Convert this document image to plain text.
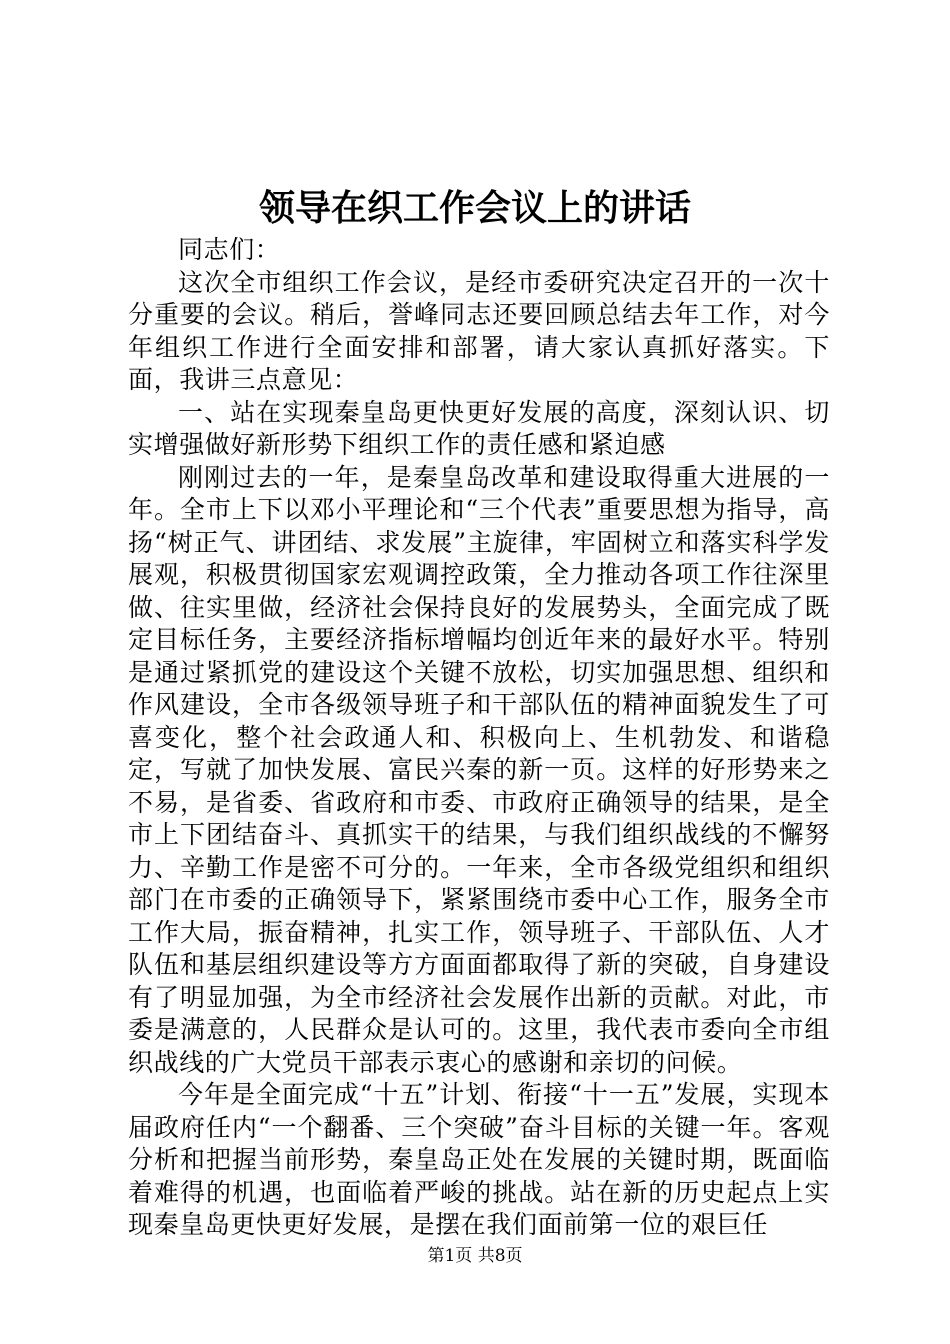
领导在织工作会议上的讲话

同志们：

这次全市组织工作会议，是经市委研究决定召开的一次十分重要的会议。稍后，誉峰同志还要回顾总结去年工作，对今年组织工作进行全面安排和部署，请大家认真抓好落实。下面，我讲三点意见：

一、站在实现秦皇岛更快更好发展的高度，深刻认识、切实增强做好新形势下组织工作的责任感和紧迫感

刚刚过去的一年，是秦皇岛改革和建设取得重大进展的一年。全市上下以邓小平理论和“三个代表”重要思想为指导，高扬“树正气、讲团结、求发展”主旋律，牢固树立和落实科学发展观，积极贯彻国家宏观调控政策，全力推动各项工作往深里做、往实里做，经济社会保持良好的发展势头，全面完成了既定目标任务，主要经济指标增幅均创近年来的最好水平。特别是通过紧抓党的建设这个关键不放松，切实加强思想、组织和作风建设，全市各级领导班子和干部队伍的精神面貌发生了可喜变化，整个社会政通人和、积极向上、生机勃发、和谐稳定，写就了加快发展、富民兴秦的新一页。这样的好形势来之不易，是省委、省政府和市委、市政府正确领导的结果，是全市上下团结奋斗、真抓实干的结果，与我们组织战线的不懈努力、辛勤工作是密不可分的。一年来，全市各级党组织和组织部门在市委的正确领导下，紧紧围绕市委中心工作，服务全市工作大局，振奋精神，扎实工作，领导班子、干部队伍、人才队伍和基层组织建设等方方面面都取得了新的突破，自身建设有了明显加强，为全市经济社会发展作出新的贡献。对此，市委是满意的，人民群众是认可的。这里，我代表市委向全市组织战线的广大党员干部表示衷心的感谢和亲切的问候。

今年是全面完成“十五”计划、衔接“十一五”发展，实现本届政府任内“一个翻番、三个突破”奋斗目标的关键一年。客观分析和把握当前形势，秦皇岛正处在发展的关键时期，既面临着难得的机遇，也面临着严峻的挑战。站在新的历史起点上实现秦皇岛更快更好发展，是摆在我们面前第一位的艰巨任

第1页 共8页
